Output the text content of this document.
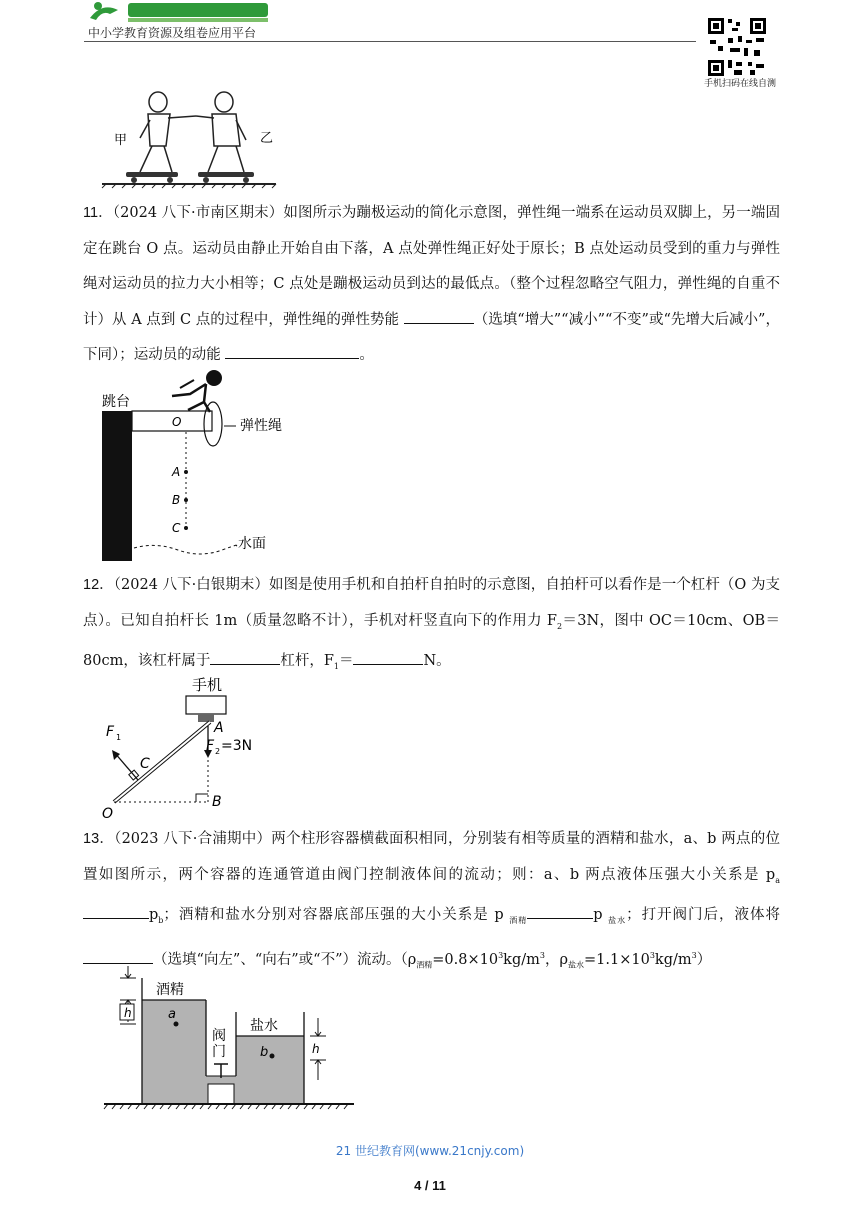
中小学教育资源及组卷应用平台
手机扫码在线自测
甲	乙
11．（2024 八下·市南区期末）如图所示为蹦极运动的简化示意图，弹性绳一端系在运动员双脚上，另一端固定在跳台 O 点。运动员由静止开始自由下落，A 点处弹性绳正好处于原长；B 点处运动员受到的重力与弹性绳对运动员的拉力大小相等；C 点处是蹦极运动员到达的最低点。（整个过程忽略空气阻力，弹性绳的自重不计）从 A 点到 C 点的过程中，弹性绳的弹性势能	（选填“增大”“减小”“不变”或“先增大后减小”，下同）；运动员的动能	。
跳台
O	弹性绳
A
B
C
水面
12．（2024 八下·白银期末）如图是使用手机和自拍杆自拍时的示意图，自拍杆可以看作是一个杠杆（O 为支点）。已知自拍杆长 1m（质量忽略不计），手机对杆竖直向下的作用力 $F_2=3N$，图中 OC＝10cm、OB＝80cm，该杠杆属于	杠杆，$F_1=$	N。
手机
A
F 2 =3N
B
F 1
C
O
13．（2023 八下·合浦期中）两个柱形容器横截面积相同，分别装有相等质量的酒精和盐水，a、b 两点的位置如图所示，两个容器的连通管道由阀门控制液体间的流动；则：a、b 两点液体压强大小关系是 $p_ap_b$；酒精和盐水分别对容器底部压强的大小关系是 p $_{酒精}$	p $_{盐水}$；打开阀门后，液体将 （选填“向左”、“向右”或“不”）流动。（$\rho_{酒精}=0.8\times 10^3kg/m^3$，$\rho_{盐水}=1.1\times 10^3kg/m^3$）
阀
门
酒精
盐水
a
b
h
h
21 世纪教育网(www.21cnjy.com)
4 / 11
